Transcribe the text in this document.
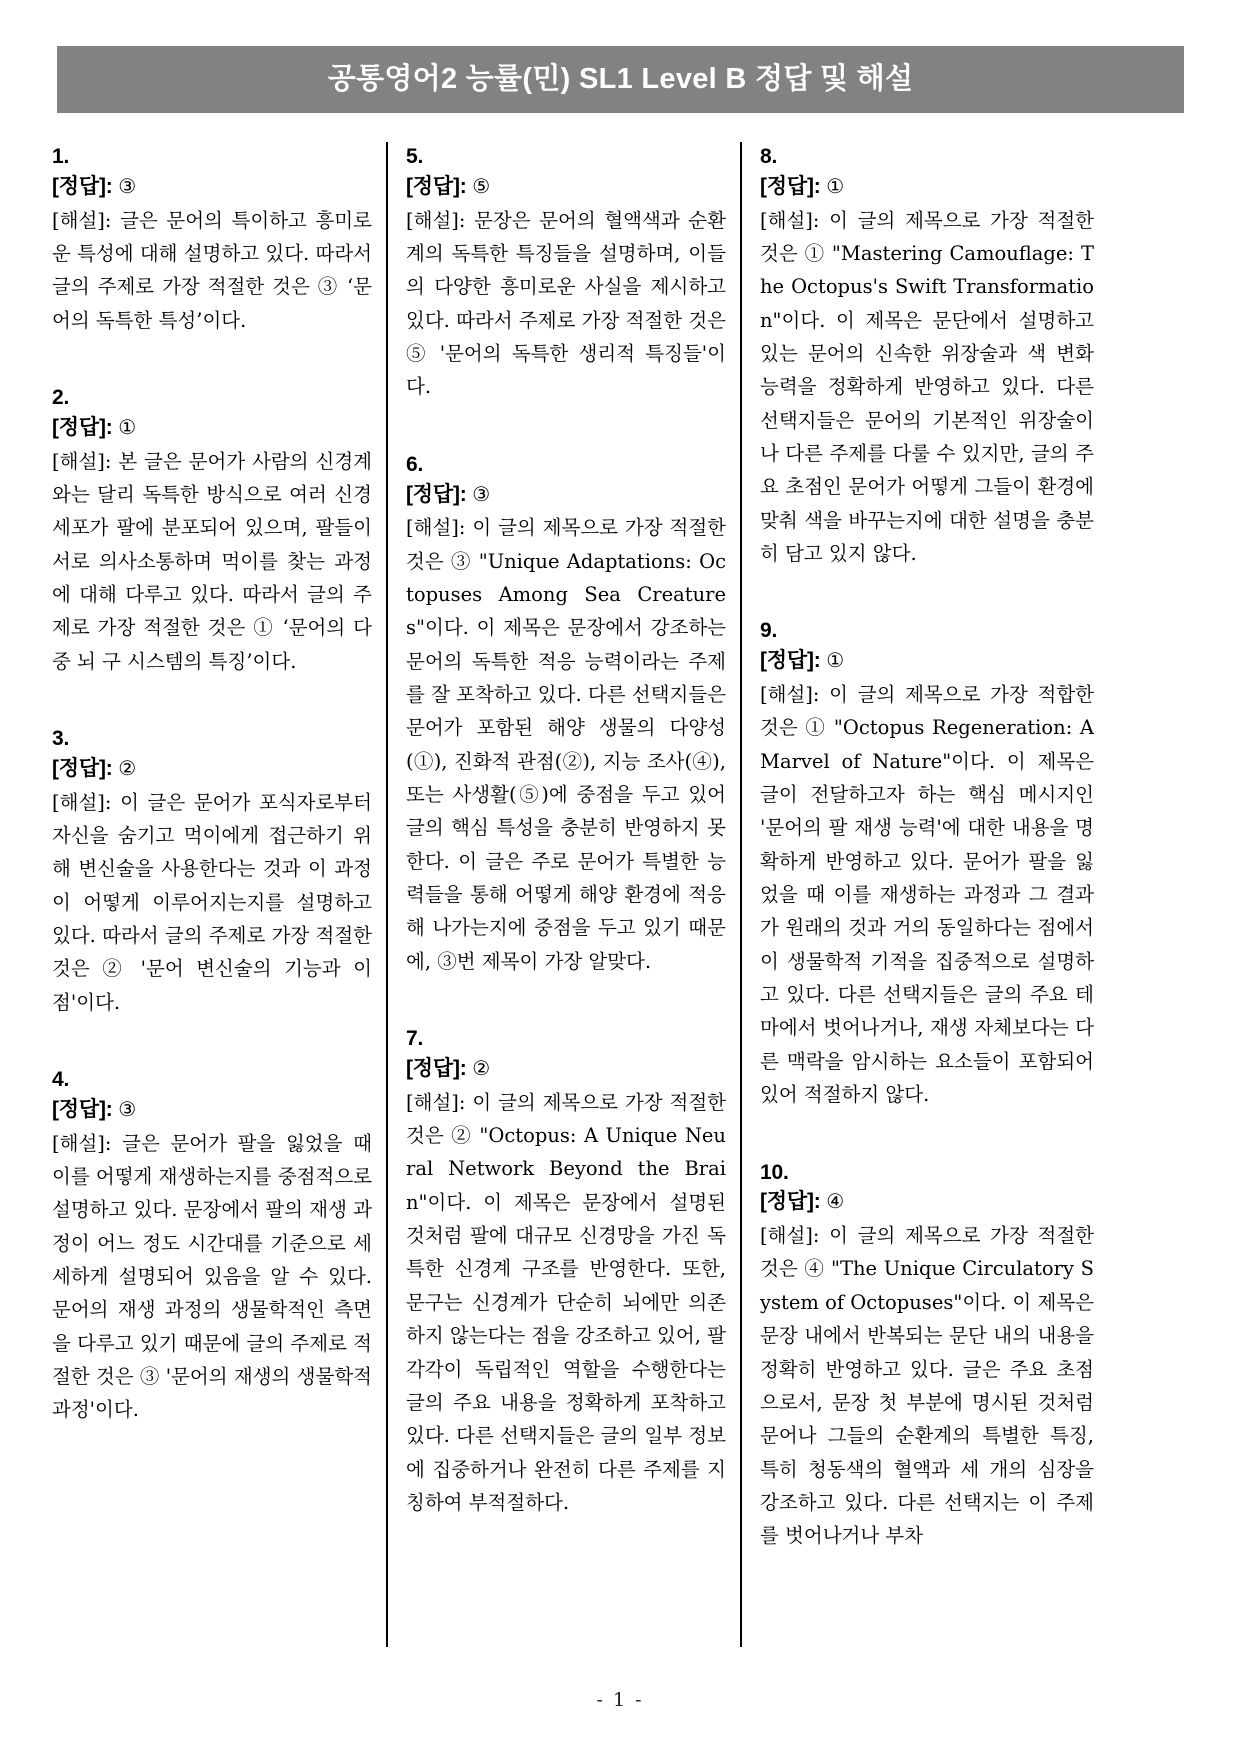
공통영어2 능률(민) SL1 Level B 정답 및 해설

1.

[정답]: ③

[해설]: 글은 문어의 특이하고 흥미로운 특성에 대해 설명하고 있다. 따라서 글의 주제로 가장 적절한 것은 ③ ‘문어의 독특한 특성’이다.

2.

[정답]: ①

[해설]: 본 글은 문어가 사람의 신경계와는 달리 독특한 방식으로 여러 신경 세포가 팔에 분포되어 있으며, 팔들이 서로 의사소통하며 먹이를 찾는 과정에 대해 다루고 있다. 따라서 글의 주제로 가장 적절한 것은 ① ‘문어의 다중 뇌 구 시스템의 특징’이다.

3.

[정답]: ②

[해설]: 이 글은 문어가 포식자로부터 자신을 숨기고 먹이에게 접근하기 위해 변신술을 사용한다는 것과 이 과정이 어떻게 이루어지는지를 설명하고 있다. 따라서 글의 주제로 가장 적절한 것은 ② '문어 변신술의 기능과 이점'이다.

4.

[정답]: ③

[해설]: 글은 문어가 팔을 잃었을 때 이를 어떻게 재생하는지를 중점적으로 설명하고 있다. 문장에서 팔의 재생 과정이 어느 정도 시간대를 기준으로 세세하게 설명되어 있음을 알 수 있다. 문어의 재생 과정의 생물학적인 측면을 다루고 있기 때문에 글의 주제로 적절한 것은 ③ '문어의 재생의 생물학적 과정'이다.

5.

[정답]: ⑤

[해설]: 문장은 문어의 혈액색과 순환계의 독특한 특징들을 설명하며, 이들의 다양한 흥미로운 사실을 제시하고 있다. 따라서 주제로 가장 적절한 것은 ⑤ '문어의 독특한 생리적 특징들'이다.

6.

[정답]: ③

[해설]: 이 글의 제목으로 가장 적절한 것은 ③ "Unique Adaptations: Octopuses Among Sea Creatures"이다. 이 제목은 문장에서 강조하는 문어의 독특한 적응 능력이라는 주제를 잘 포착하고 있다. 다른 선택지들은 문어가 포함된 해양 생물의 다양성(①), 진화적 관점(②), 지능 조사(④), 또는 사생활(⑤)에 중점을 두고 있어 글의 핵심 특성을 충분히 반영하지 못한다. 이 글은 주로 문어가 특별한 능력들을 통해 어떻게 해양 환경에 적응해 나가는지에 중점을 두고 있기 때문에, ③번 제목이 가장 알맞다.

7.

[정답]: ②

[해설]: 이 글의 제목으로 가장 적절한 것은 ② "Octopus: A Unique Neural Network Beyond the Brain"이다. 이 제목은 문장에서 설명된 것처럼 팔에 대규모 신경망을 가진 독특한 신경계 구조를 반영한다. 또한, 문구는 신경계가 단순히 뇌에만 의존하지 않는다는 점을 강조하고 있어, 팔 각각이 독립적인 역할을 수행한다는 글의 주요 내용을 정확하게 포착하고 있다. 다른 선택지들은 글의 일부 정보에 집중하거나 완전히 다른 주제를 지칭하여 부적절하다.

8.

[정답]: ①

[해설]: 이 글의 제목으로 가장 적절한 것은 ① "Mastering Camouflage: The Octopus's Swift Transformation"이다. 이 제목은 문단에서 설명하고 있는 문어의 신속한 위장술과 색 변화 능력을 정확하게 반영하고 있다. 다른 선택지들은 문어의 기본적인 위장술이나 다른 주제를 다룰 수 있지만, 글의 주요 초점인 문어가 어떻게 그들이 환경에 맞춰 색을 바꾸는지에 대한 설명을 충분히 담고 있지 않다.

9.

[정답]: ①

[해설]: 이 글의 제목으로 가장 적합한 것은 ① "Octopus Regeneration: A Marvel of Nature"이다. 이 제목은 글이 전달하고자 하는 핵심 메시지인 '문어의 팔 재생 능력'에 대한 내용을 명확하게 반영하고 있다. 문어가 팔을 잃었을 때 이를 재생하는 과정과 그 결과가 원래의 것과 거의 동일하다는 점에서 이 생물학적 기적을 집중적으로 설명하고 있다. 다른 선택지들은 글의 주요 테마에서 벗어나거나, 재생 자체보다는 다른 맥락을 암시하는 요소들이 포함되어 있어 적절하지 않다.

10.

[정답]: ④

[해설]: 이 글의 제목으로 가장 적절한 것은 ④ "The Unique Circulatory System of Octopuses"이다. 이 제목은 문장 내에서 반복되는 문단 내의 내용을 정확히 반영하고 있다. 글은 주요 초점으로서, 문장 첫 부분에 명시된 것처럼 문어나 그들의 순환계의 특별한 특징, 특히 청동색의 혈액과 세 개의 심장을 강조하고 있다. 다른 선택지는 이 주제를 벗어나거나 부차

- 1 -
